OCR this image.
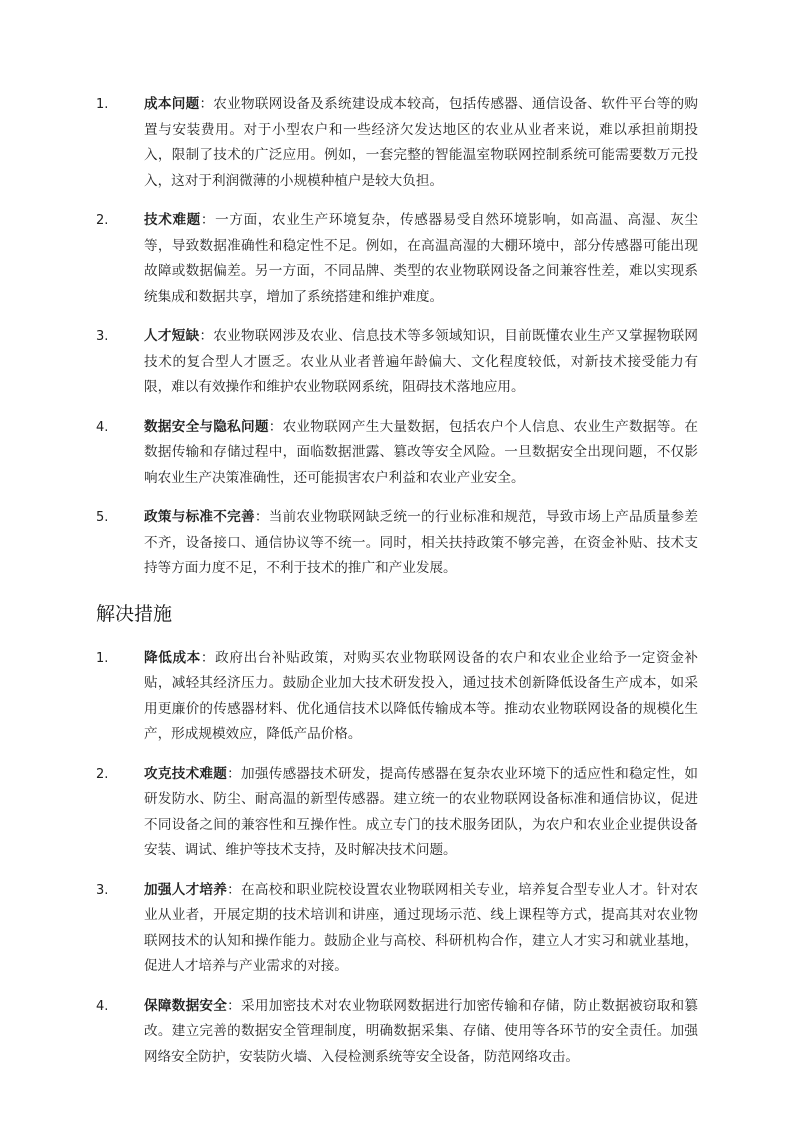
1.	成本问题：农业物联网设备及系统建设成本较高，包括传感器、通信设备、软件平台等的购置与安装费用。对于小型农户和一些经济欠发达地区的农业从业者来说，难以承担前期投入，限制了技术的广泛应用。例如，一套完整的智能温室物联网控制系统可能需要数万元投入，这对于利润微薄的小规模种植户是较大负担。
2.	技术难题：一方面，农业生产环境复杂，传感器易受自然环境影响，如高温、高湿、灰尘等，导致数据准确性和稳定性不足。例如，在高温高湿的大棚环境中，部分传感器可能出现故障或数据偏差。另一方面，不同品牌、类型的农业物联网设备之间兼容性差，难以实现系统集成和数据共享，增加了系统搭建和维护难度。
3.	人才短缺：农业物联网涉及农业、信息技术等多领域知识，目前既懂农业生产又掌握物联网技术的复合型人才匮乏。农业从业者普遍年龄偏大、文化程度较低，对新技术接受能力有限，难以有效操作和维护农业物联网系统，阻碍技术落地应用。
4.	数据安全与隐私问题：农业物联网产生大量数据，包括农户个人信息、农业生产数据等。在数据传输和存储过程中，面临数据泄露、篡改等安全风险。一旦数据安全出现问题，不仅影响农业生产决策准确性，还可能损害农户利益和农业产业安全。
5.	政策与标准不完善：当前农业物联网缺乏统一的行业标准和规范，导致市场上产品质量参差不齐，设备接口、通信协议等不统一。同时，相关扶持政策不够完善，在资金补贴、技术支持等方面力度不足，不利于技术的推广和产业发展。
解决措施
1.	降低成本：政府出台补贴政策，对购买农业物联网设备的农户和农业企业给予一定资金补贴，减轻其经济压力。鼓励企业加大技术研发投入，通过技术创新降低设备生产成本，如采用更廉价的传感器材料、优化通信技术以降低传输成本等。推动农业物联网设备的规模化生产，形成规模效应，降低产品价格。
2.	攻克技术难题：加强传感器技术研发，提高传感器在复杂农业环境下的适应性和稳定性，如研发防水、防尘、耐高温的新型传感器。建立统一的农业物联网设备标准和通信协议，促进不同设备之间的兼容性和互操作性。成立专门的技术服务团队，为农户和农业企业提供设备安装、调试、维护等技术支持，及时解决技术问题。
3.	加强人才培养：在高校和职业院校设置农业物联网相关专业，培养复合型专业人才。针对农业从业者，开展定期的技术培训和讲座，通过现场示范、线上课程等方式，提高其对农业物联网技术的认知和操作能力。鼓励企业与高校、科研机构合作，建立人才实习和就业基地，促进人才培养与产业需求的对接。
4.	保障数据安全：采用加密技术对农业物联网数据进行加密传输和存储，防止数据被窃取和篡改。建立完善的数据安全管理制度，明确数据采集、存储、使用等各环节的安全责任。加强网络安全防护，安装防火墙、入侵检测系统等安全设备，防范网络攻击。
